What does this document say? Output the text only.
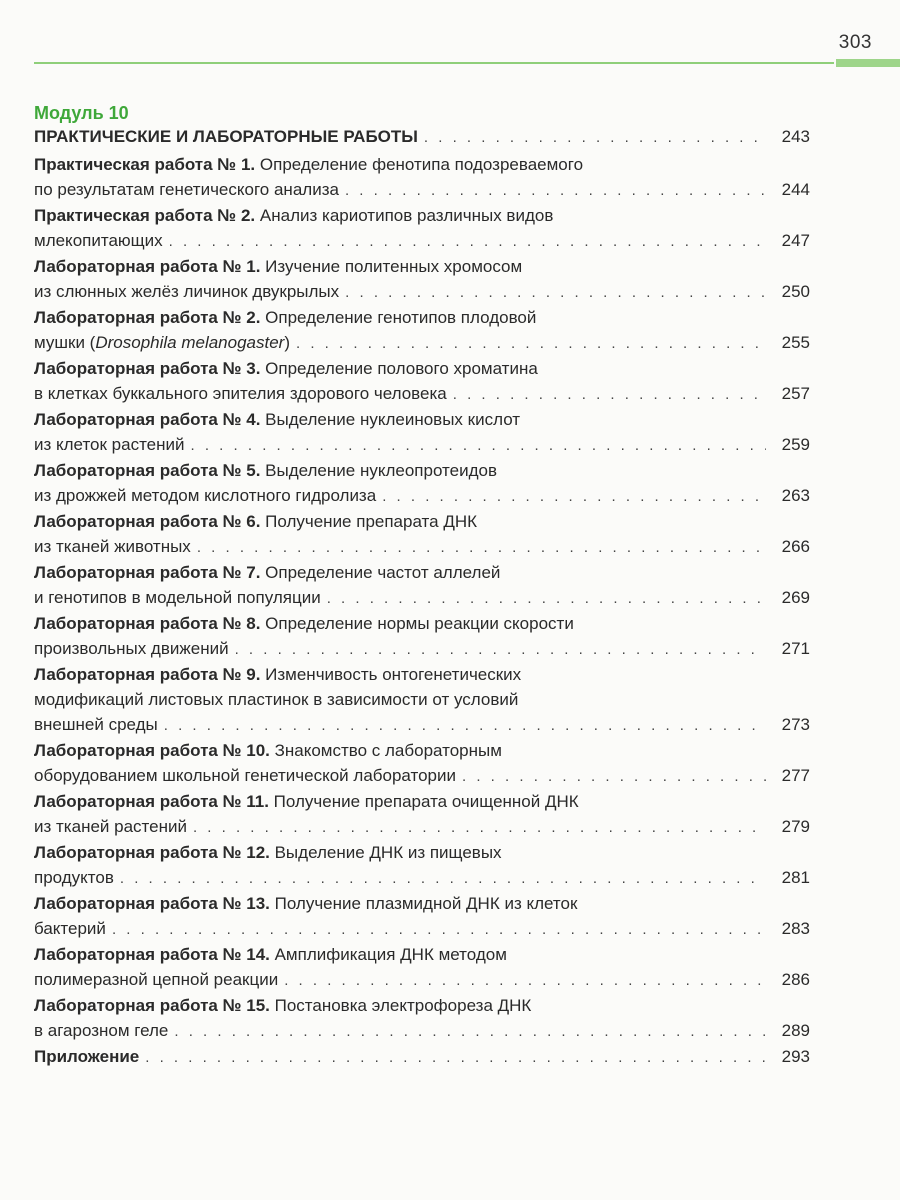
303
Модуль 10
ПРАКТИЧЕСКИЕ И ЛАБОРАТОРНЫЕ РАБОТЫ . . .	243
Практическая работа № 1. Определение фенотипа подозреваемого
по результатам генетического анализа . . .	244
Практическая работа № 2. Анализ кариотипов различных видов
млекопитающих . . .	247
Лабораторная работа № 1. Изучение политенных хромосом
из слюнных желёз личинок двукрылых . . .	250
Лабораторная работа № 2. Определение генотипов плодовой
мушки (Drosophila melanogaster) . . .	255
Лабораторная работа № 3. Определение полового хроматина
в клетках буккального эпителия здорового человека . . .	257
Лабораторная работа № 4. Выделение нуклеиновых кислот
из клеток растений . . .	259
Лабораторная работа № 5. Выделение нуклеопротеидов
из дрожжей методом кислотного гидролиза . . .	263
Лабораторная работа № 6. Получение препарата ДНК
из тканей животных . . .	266
Лабораторная работа № 7. Определение частот аллелей
и генотипов в модельной популяции . . .	269
Лабораторная работа № 8. Определение нормы реакции скорости
произвольных движений . . .	271
Лабораторная работа № 9. Изменчивость онтогенетических
модификаций листовых пластинок в зависимости от условий
внешней среды . . .	273
Лабораторная работа № 10. Знакомство с лабораторным
оборудованием школьной генетической лаборатории . . .	277
Лабораторная работа № 11. Получение препарата очищенной ДНК
из тканей растений . . .	279
Лабораторная работа № 12. Выделение ДНК из пищевых
продуктов . . .	281
Лабораторная работа № 13. Получение плазмидной ДНК из клеток
бактерий . . .	283
Лабораторная работа № 14. Амплификация ДНК методом
полимеразной цепной реакции . . .	286
Лабораторная работа № 15. Постановка электрофореза ДНК
в агарозном геле . . .	289
Приложение . . .	293
